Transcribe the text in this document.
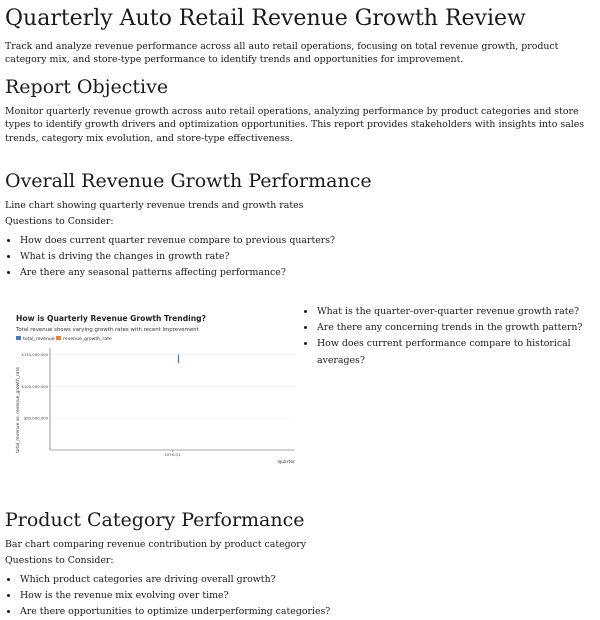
Quarterly Auto Retail Revenue Growth Review

Track and analyze revenue performance across all auto retail operations, focusing on total revenue growth, product category mix, and store-type performance to identify trends and opportunities for improvement.

Report Objective

Monitor quarterly revenue growth across auto retail operations, analyzing performance by product categories and store types to identify growth drivers and optimization opportunities. This report provides stakeholders with insights into sales trends, category mix evolution, and store-type effectiveness.

Overall Revenue Growth Performance

Line chart showing quarterly revenue trends and growth rates

Questions to Consider:

• How does current quarter revenue compare to previous quarters?
• What is driving the changes in growth rate?
• Are there any seasonal patterns affecting performance?
How is Quarterly Revenue Growth Trending?
Total revenue shows varying growth rates with recent improvement
total_revenue revenue_growth_rate
total_revenue vs. revenue_growth_rate $50,000,000
$100,000,000
$150,000,000
1976-Q1
quarter
• What is the quarter-over-quarter revenue growth rate?
• Are there any concerning trends in the growth pattern?
• How does current performance compare to historical averages?
Product Category Performance

Bar chart comparing revenue contribution by product category

Questions to Consider:

• Which product categories are driving overall growth?
• How is the revenue mix evolving over time?
• Are there opportunities to optimize underperforming categories?
